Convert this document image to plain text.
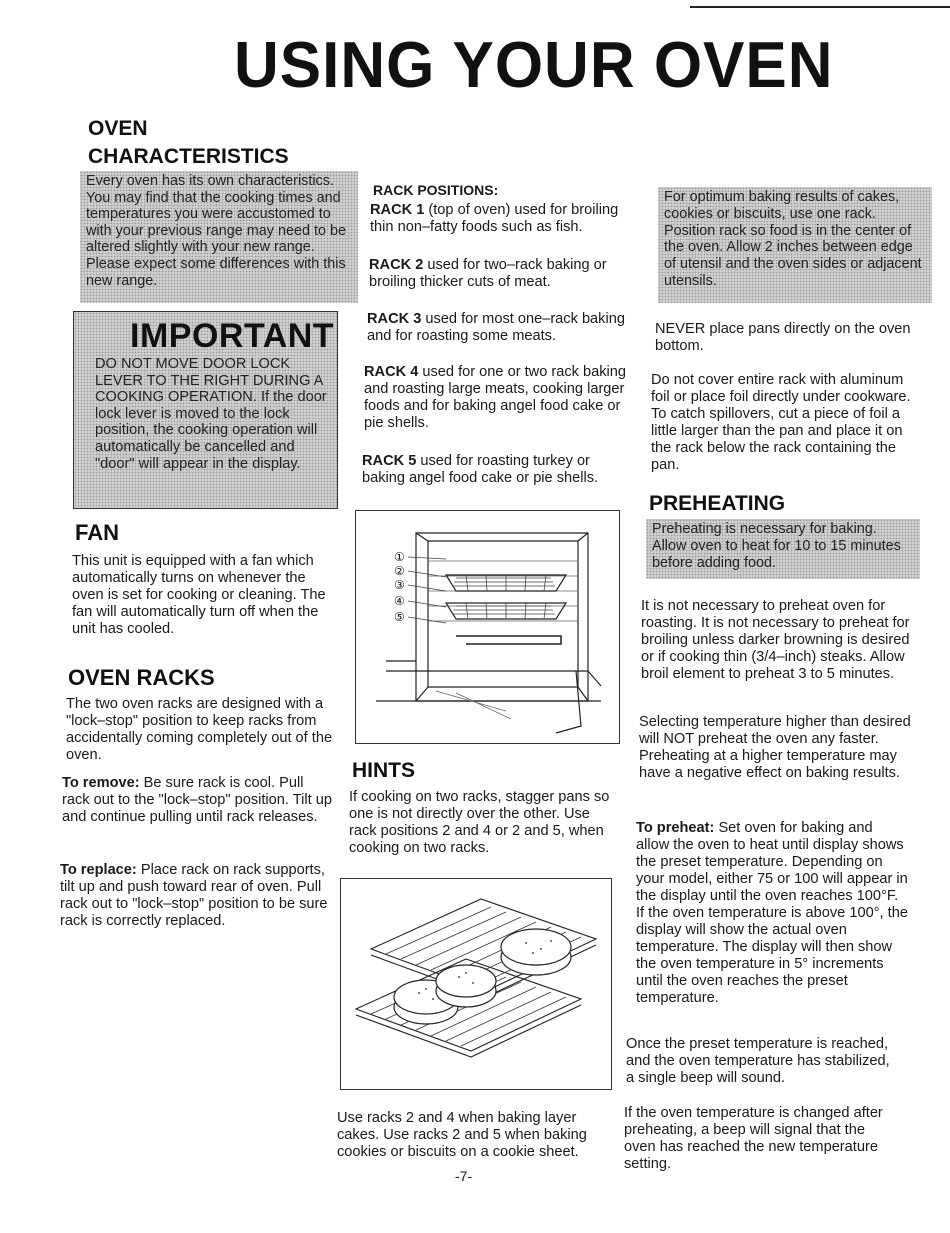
USING YOUR OVEN
OVEN
CHARACTERISTICS
Every oven has its own characteristics. You may find that the cooking times and temperatures you were accustomed to with your previous range may need to be altered slightly with your new range. Please expect some differences with this new range.
IMPORTANT
DO NOT MOVE DOOR LOCK LEVER TO THE RIGHT DURING A COOKING OPERATION. If the door lock lever is moved to the lock position, the cooking operation will automatically be cancelled and "door" will appear in the display.
FAN

This unit is equipped with a fan which automatically turns on whenever the oven is set for cooking or cleaning. The fan will automatically turn off when the unit has cooled.

OVEN RACKS

The two oven racks are designed with a "lock–stop" position to keep racks from accidentally coming completely out of the oven.

To remove: Be sure rack is cool. Pull rack out to the "lock–stop" position. Tilt up and continue pulling until rack releases.

To replace: Place rack on rack supports, tilt up and push toward rear of oven. Pull rack out to "lock–stop" position to be sure rack is correctly replaced.

RACK POSITIONS:

RACK 1 (top of oven) used for broiling thin non–fatty foods such as fish.

RACK 2 used for two–rack baking or broiling thicker cuts of meat.

RACK 3 used for most one–rack baking and for roasting some meats.

RACK 4 used for one or two rack baking and roasting large meats, cooking larger foods and for baking angel food cake or pie shells.

RACK 5 used for roasting turkey or baking angel food cake or pie shells.

①
②
③
④
⑤
HINTS

If cooking on two racks, stagger pans so one is not directly over the other. Use rack positions 2 and 4 or 2 and 5, when cooking on two racks.

Use racks 2 and 4 when baking layer cakes. Use racks 2 and 5 when baking cookies or biscuits on a cookie sheet.

For optimum baking results of cakes, cookies or biscuits, use one rack. Position rack so food is in the center of the oven. Allow 2 inches between edge of utensil and the oven sides or adjacent utensils.

NEVER place pans directly on the oven bottom.

Do not cover entire rack with aluminum foil or place foil directly under cookware. To catch spillovers, cut a piece of foil a little larger than the pan and place it on the rack below the rack containing the pan.

PREHEATING
Preheating is necessary for baking. Allow oven to heat for 10 to 15 minutes before adding food.

It is not necessary to preheat oven for roasting. It is not necessary to preheat for broiling unless darker browning is desired or if cooking thin (3/4–inch) steaks. Allow broil element to preheat 3 to 5 minutes.

Selecting temperature higher than desired will NOT preheat the oven any faster. Preheating at a higher temperature may have a negative effect on baking results.

To preheat: Set oven for baking and allow the oven to heat until display shows the preset temperature. Depending on your model, either 75 or 100 will appear in the display until the oven reaches 100°F. If the oven temperature is above 100°, the display will show the actual oven temperature. The display will then show the oven temperature in 5° increments until the oven reaches the preset temperature.

Once the preset temperature is reached, and the oven temperature has stabilized, a single beep will sound.

If the oven temperature is changed after preheating, a beep will signal that the oven has reached the new temperature setting.

-7-
